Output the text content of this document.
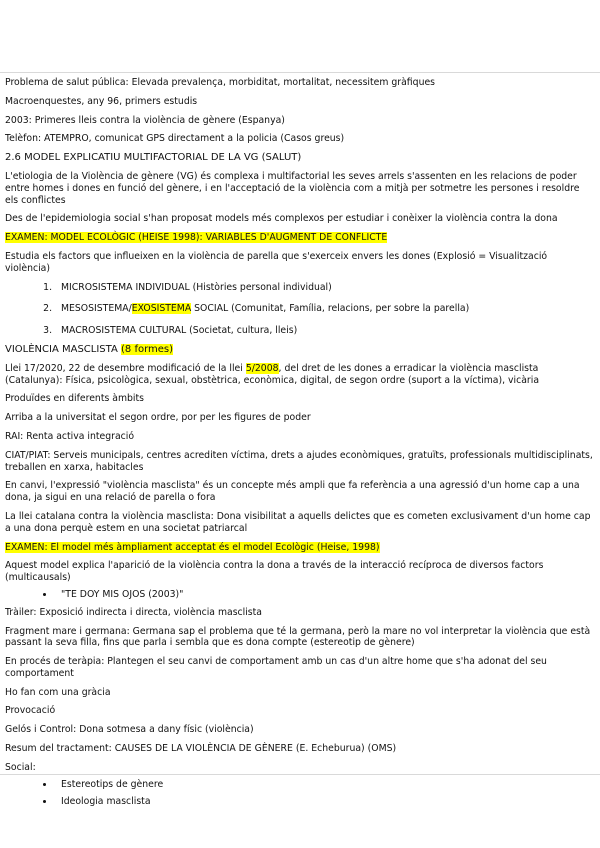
Problema de salut pública: Elevada prevalença, morbiditat, mortalitat, necessitem gràfiques

Macroenquestes, any 96, primers estudis

2003: Primeres lleis contra la violència de gènere (Espanya)

Telèfon: ATEMPRO, comunicat GPS directament a la policia (Casos greus)

2.6 MODEL EXPLICATIU MULTIFACTORIAL DE LA VG (SALUT)

L'etiologia de la Violència de gènere (VG) és complexa i multifactorial les seves arrels s'assenten en les relacions de poder entre homes i dones en funció del gènere, i en l'acceptació de la violència com a mitjà per sotmetre les persones i resoldre els conflictes

Des de l'epidemiologia social s'han proposat models més complexos per estudiar i conèixer la violència contra la dona

EXAMEN: MODEL ECOLÒGIC (HEISE 1998): VARIABLES D'AUGMENT DE CONFLICTE

Estudia els factors que influeixen en la violència de parella que s'exerceix envers les dones (Explosió = Visualització violència)

1. MICROSISTEMA INDIVIDUAL (Històries personal individual)
2. MESOSISTEMA/EXOSISTEMA SOCIAL (Comunitat, Família, relacions, per sobre la parella)
3. MACROSISTEMA CULTURAL (Societat, cultura, lleis)

VIOLÈNCIA MASCLISTA (8 formes)

Llei 17/2020, 22 de desembre modificació de la llei 5/2008, del dret de les dones a erradicar la violència masclista (Catalunya): Física, psicològica, sexual, obstètrica, econòmica, digital, de segon ordre (suport a la víctima), vicària

Produïdes en diferents àmbits

Arriba a la universitat el segon ordre, por per les figures de poder

RAI: Renta activa integració

CIAT/PIAT: Serveis municipals, centres acrediten víctima, drets a ajudes econòmiques, gratuïts, professionals multidisciplinats, treballen en xarxa, habitacles

En canvi, l'expressió "violència masclista" és un concepte més ampli que fa referència a una agressió d'un home cap a una dona, ja sigui en una relació de parella o fora

La llei catalana contra la violència masclista: Dona visibilitat a aquells delictes que es cometen exclusivament d'un home cap a una dona perquè estem en una societat patriarcal

EXAMEN: El model més àmpliament acceptat és el model Ecològic (Heise, 1998)

Aquest model explica l'aparició de la violència contra la dona a través de la interacció recíproca de diversos factors (multicausals)

• "TE DOY MIS OJOS (2003)"

Tràiler: Exposició indirecta i directa, violència masclista

Fragment mare i germana: Germana sap el problema que té la germana, però la mare no vol interpretar la violència que està passant la seva filla, fins que parla i sembla que es dona compte (estereotip de gènere)

En procés de teràpia: Plantegen el seu canvi de comportament amb un cas d'un altre home que s'ha adonat del seu comportament

Ho fan com una gràcia

Provocació

Gelós i Control: Dona sotmesa a dany físic (violència)

Resum del tractament: CAUSES DE LA VIOLÈNCIA DE GÈNERE (E. Echeburua) (OMS)

Social:

• Estereotips de gènere
• Ideologia masclista
